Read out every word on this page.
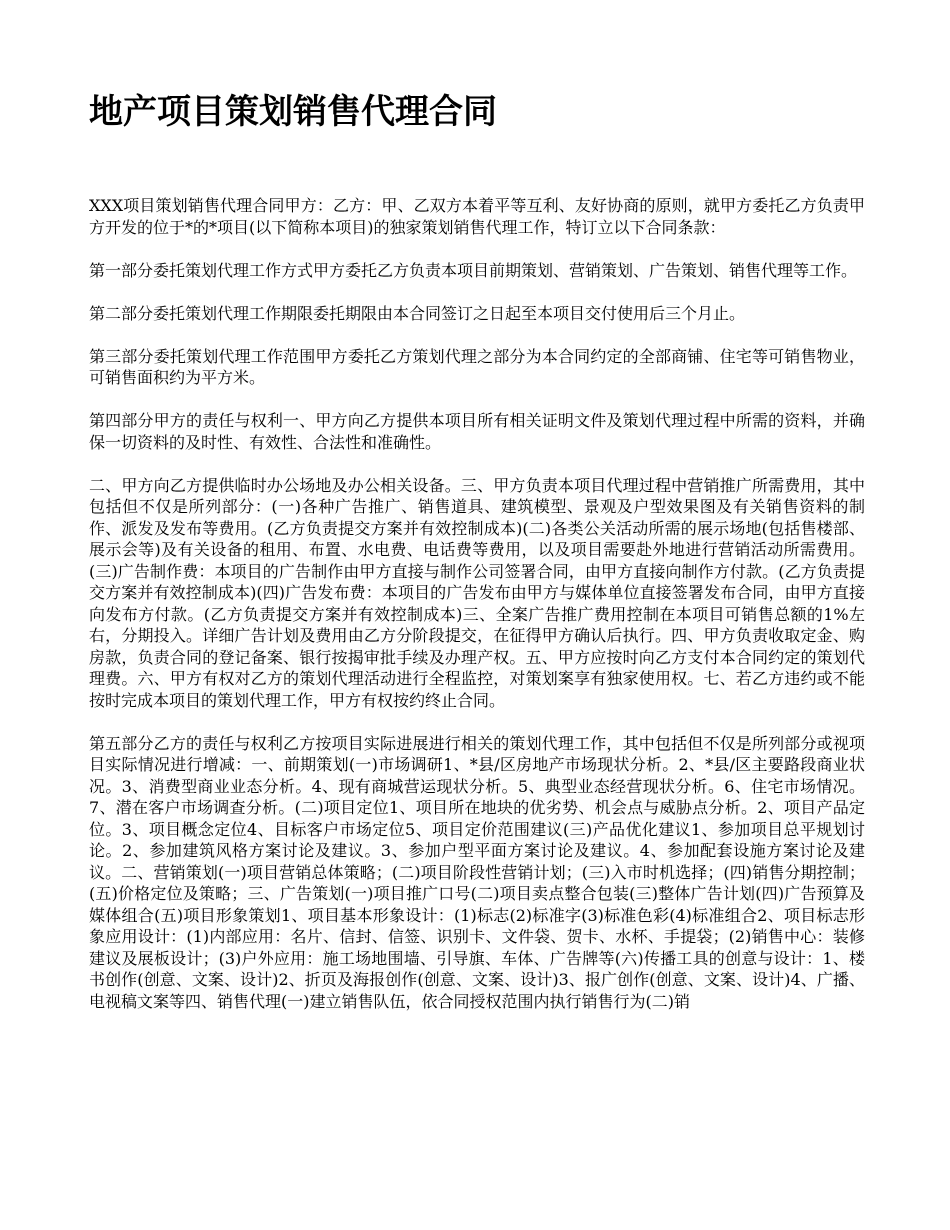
地产项目策划销售代理合同

XXX项目策划销售代理合同甲方：乙方：甲、乙双方本着平等互利、友好协商的原则，就甲方委托乙方负责甲方开发的位于*的*项目(以下简称本项目)的独家策划销售代理工作，特订立以下合同条款：

第一部分委托策划代理工作方式甲方委托乙方负责本项目前期策划、营销策划、广告策划、销售代理等工作。

第二部分委托策划代理工作期限委托期限由本合同签订之日起至本项目交付使用后三个月止。

第三部分委托策划代理工作范围甲方委托乙方策划代理之部分为本合同约定的全部商铺、住宅等可销售物业，可销售面积约为平方米。

第四部分甲方的责任与权利一、甲方向乙方提供本项目所有相关证明文件及策划代理过程中所需的资料，并确保一切资料的及时性、有效性、合法性和准确性。

二、甲方向乙方提供临时办公场地及办公相关设备。三、甲方负责本项目代理过程中营销推广所需费用，其中包括但不仅是所列部分：(一)各种广告推广、销售道具、建筑模型、景观及户型效果图及有关销售资料的制作、派发及发布等费用。(乙方负责提交方案并有效控制成本)(二)各类公关活动所需的展示场地(包括售楼部、展示会等)及有关设备的租用、布置、水电费、电话费等费用，以及项目需要赴外地进行营销活动所需费用。(三)广告制作费：本项目的广告制作由甲方直接与制作公司签署合同，由甲方直接向制作方付款。(乙方负责提交方案并有效控制成本)(四)广告发布费：本项目的广告发布由甲方与媒体单位直接签署发布合同，由甲方直接向发布方付款。(乙方负责提交方案并有效控制成本)三、全案广告推广费用控制在本项目可销售总额的1%左右，分期投入。详细广告计划及费用由乙方分阶段提交，在征得甲方确认后执行。四、甲方负责收取定金、购房款，负责合同的登记备案、银行按揭审批手续及办理产权。五、甲方应按时向乙方支付本合同约定的策划代理费。六、甲方有权对乙方的策划代理活动进行全程监控，对策划案享有独家使用权。七、若乙方违约或不能按时完成本项目的策划代理工作，甲方有权按约终止合同。

第五部分乙方的责任与权利乙方按项目实际进展进行相关的策划代理工作，其中包括但不仅是所列部分或视项目实际情况进行增减：一、前期策划(一)市场调研1、*县/区房地产市场现状分析。2、*县/区主要路段商业状况。3、消费型商业业态分析。4、现有商城营运现状分析。5、典型业态经营现状分析。6、住宅市场情况。7、潜在客户市场调查分析。(二)项目定位1、项目所在地块的优劣势、机会点与威胁点分析。2、项目产品定位。3、项目概念定位4、目标客户市场定位5、项目定价范围建议(三)产品优化建议1、参加项目总平规划讨论。2、参加建筑风格方案讨论及建议。3、参加户型平面方案讨论及建议。4、参加配套设施方案讨论及建议。二、营销策划(一)项目营销总体策略；(二)项目阶段性营销计划；(三)入市时机选择；(四)销售分期控制；(五)价格定位及策略；三、广告策划(一)项目推广口号(二)项目卖点整合包装(三)整体广告计划(四)广告预算及媒体组合(五)项目形象策划1、项目基本形象设计：(1)标志(2)标准字(3)标准色彩(4)标准组合2、项目标志形象应用设计：(1)内部应用：名片、信封、信签、识别卡、文件袋、贺卡、水杯、手提袋；(2)销售中心：装修建议及展板设计；(3)户外应用：施工场地围墙、引导旗、车体、广告牌等(六)传播工具的创意与设计：1、楼书创作(创意、文案、设计)2、折页及海报创作(创意、文案、设计)3、报广创作(创意、文案、设计)4、广播、电视稿文案等四、销售代理(一)建立销售队伍，依合同授权范围内执行销售行为(二)销
